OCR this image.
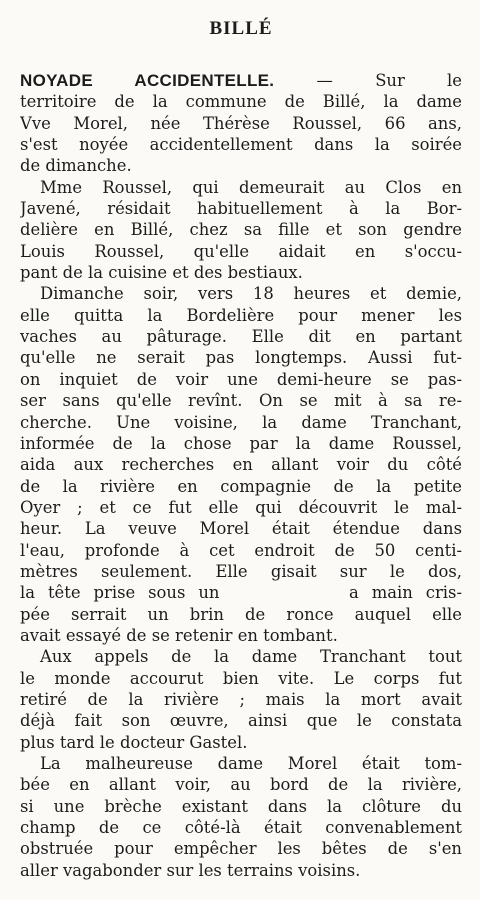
BILLÉ

NOYADE ACCIDENTELLE. — Sur le
territoire de la commune de Billé, la dame
Vve Morel, née Thérèse Roussel, 66 ans,
s'est noyée accidentellement dans la soirée
de dimanche.

Mme Roussel, qui demeurait au Clos en
Javené, résidait habituellement à la Bor-
delière en Billé, chez sa fille et son gendre
Louis Roussel, qu'elle aidait en s'occu-
pant de la cuisine et des bestiaux.

Dimanche soir, vers 18 heures et demie,
elle quitta la Bordelière pour mener les
vaches au pâturage. Elle dit en partant
qu'elle ne serait pas longtemps. Aussi fut-
on inquiet de voir une demi-heure se pas-
ser sans qu'elle revînt. On se mit à sa re-
cherche. Une voisine, la dame Tranchant,
informée de la chose par la dame Roussel,
aida aux recherches en allant voir du côté
de la rivière en compagnie de la petite
Oyer ; et ce fut elle qui découvrit le mal-
heur. La veuve Morel était étendue dans
l'eau, profonde à cet endroit de 50 centi-
mètres seulement. Elle gisait sur le dos,
la tête prise sous un          a main cris-
pée serrait un brin de ronce auquel elle
avait essayé de se retenir en tombant.

Aux appels de la dame Tranchant tout
le monde accourut bien vite. Le corps fut
retiré de la rivière ; mais la mort avait
déjà fait son œuvre, ainsi que le constata
plus tard le docteur Gastel.

La malheureuse dame Morel était tom-
bée en allant voir, au bord de la rivière,
si une brèche existant dans la clôture du
champ de ce côté-là était convenablement
obstruée pour empêcher les bêtes de s'en
aller vagabonder sur les terrains voisins.
